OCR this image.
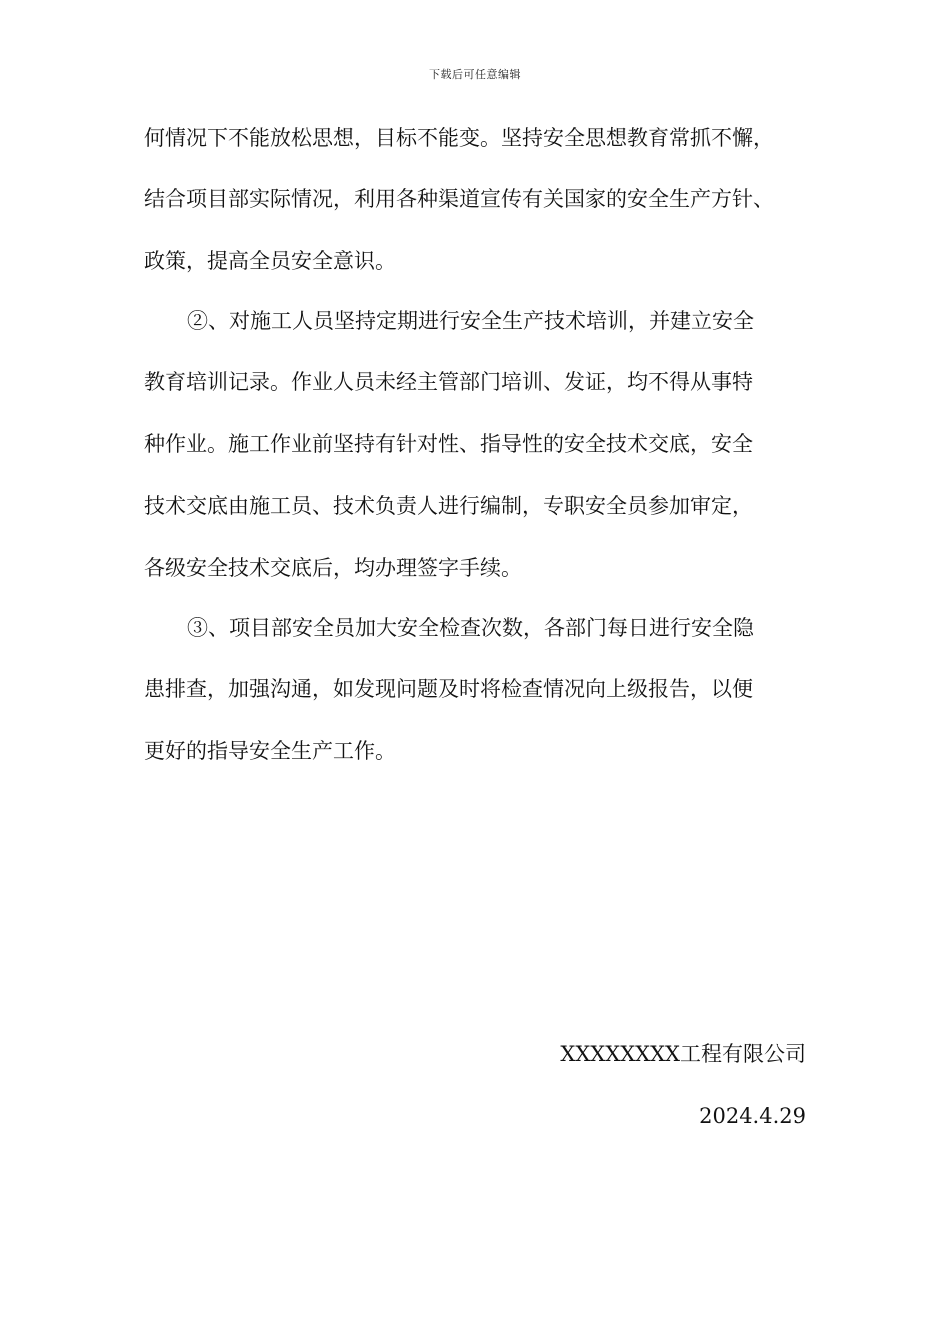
下载后可任意编辑
何情况下不能放松思想，目标不能变。坚持安全思想教育常抓不懈，
结合项目部实际情况，利用各种渠道宣传有关国家的安全生产方针、
政策，提高全员安全意识。
②、对施工人员坚持定期进行安全生产技术培训，并建立安全
教育培训记录。作业人员未经主管部门培训、发证，均不得从事特
种作业。施工作业前坚持有针对性、指导性的安全技术交底，安全
技术交底由施工员、技术负责人进行编制，专职安全员参加审定，
各级安全技术交底后，均办理签字手续。
③、项目部安全员加大安全检查次数，各部门每日进行安全隐
患排查，加强沟通，如发现问题及时将检查情况向上级报告，以便
更好的指导安全生产工作。
XXXXXXXX工程有限公司
2024.4.29
